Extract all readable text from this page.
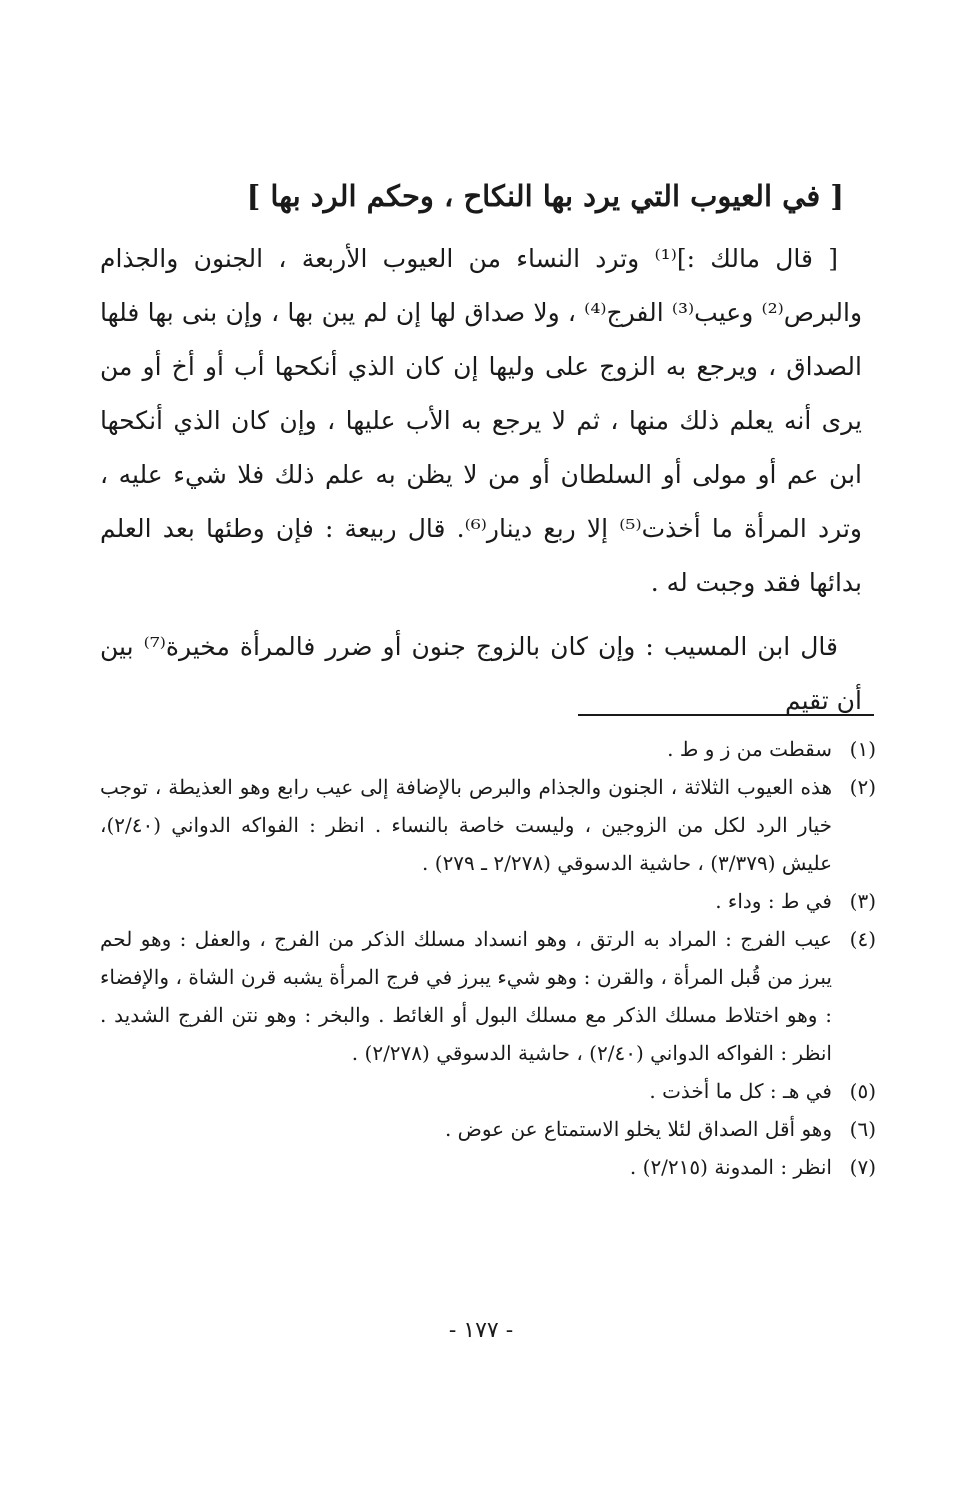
[ في العيوب التي يرد بها النكاح ، وحكم الرد بها ]

[ قال مالك :]⁽¹⁾ وترد النساء من العيوب الأربعة ، الجنون والجذام والبرص⁽²⁾ وعيب⁽³⁾ الفرج⁽⁴⁾ ، ولا صداق لها إن لم يبن بها ، وإن بنى بها فلها الصداق ، ويرجع به الزوج على وليها إن كان الذي أنكحها أب أو أخ أو من يرى أنه يعلم ذلك منها ، ثم لا يرجع به الأب عليها ، وإن كان الذي أنكحها ابن عم أو مولى أو السلطان أو من لا يظن به علم ذلك فلا شيء عليه ، وترد المرأة ما أخذت⁽⁵⁾ إلا ربع دينار⁽⁶⁾. قال ربيعة : فإن وطئها بعد العلم بدائها فقد وجبت له .

قال ابن المسيب : وإن كان بالزوج جنون أو ضرر فالمرأة مخيرة⁽⁷⁾ بين أن تقيم

(١)
سقطت من ز و ط .
(٢)
هذه العيوب الثلاثة ، الجنون والجذام والبرص بالإضافة إلى عيب رابع وهو العذيطة ، توجب خيار الرد لكل من الزوجين ، وليست خاصة بالنساء . انظر : الفواكه الدواني (٢/٤٠)، عليش (٣/٣٧٩) ، حاشية الدسوقي (٢/٢٧٨ ـ ٢٧٩) .
(٣)
في ط : وداء .
(٤)
عيب الفرج : المراد به الرتق ، وهو انسداد مسلك الذكر من الفرج ، والعفل : وهو لحم يبرز من قُبل المرأة ، والقرن : وهو شيء يبرز في فرج المرأة يشبه قرن الشاة ، والإفضاء : وهو اختلاط مسلك الذكر مع مسلك البول أو الغائط . والبخر : وهو نتن الفرج الشديد . انظر : الفواكه الدواني (٢/٤٠) ، حاشية الدسوقي (٢/٢٧٨) .
(٥)
في هـ : كل ما أخذت .
(٦)
وهو أقل الصداق لئلا يخلو الاستمتاع عن عوض .
(٧)
انظر : المدونة (٢/٢١٥) .
- ١٧٧ -
